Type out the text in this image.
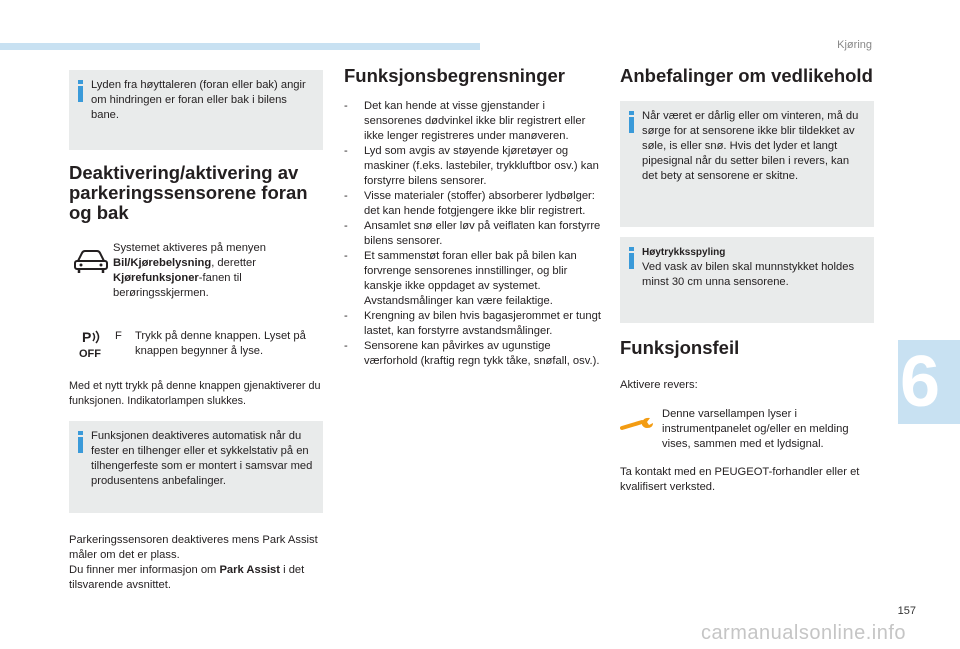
Kjøring
6
Lyden fra høyttaleren (foran eller bak) angir om hindringen er foran eller bak i bilens bane.
Deaktivering/aktivering av parkeringssensorene foran og bak
Systemet aktiveres på menyen Bil/Kjørebelysning, deretter Kjørefunksjoner-fanen til berøringsskjermen.
P
OFF
F Trykk på denne knappen. Lyset på knappen begynner å lyse.
Med et nytt trykk på denne knappen gjenaktiverer du funksjonen. Indikatorlampen slukkes.
Funksjonen deaktiveres automatisk når du fester en tilhenger eller et sykkelstativ på en tilhengerfeste som er montert i samsvar med produsentens anbefalinger.
Parkeringssensoren deaktiveres mens Park Assist måler om det er plass.
Du finner mer informasjon om Park Assist i det tilsvarende avsnittet.
Funksjonsbegrensninger
- Det kan hende at visse gjenstander i sensorenes dødvinkel ikke blir registrert eller ikke lenger registreres under manøveren.
- Lyd som avgis av støyende kjøretøyer og maskiner (f.eks. lastebiler, trykkluftbor osv.) kan forstyrre bilens sensorer.
- Visse materialer (stoffer) absorberer lydbølger: det kan hende fotgjengere ikke blir registrert.
- Ansamlet snø eller løv på veiflaten kan forstyrre bilens sensorer.
- Et sammenstøt foran eller bak på bilen kan forvrenge sensorenes innstillinger, og blir kanskje ikke oppdaget av systemet. Avstandsmålinger kan være feilaktige.
- Krengning av bilen hvis bagasjerommet er tungt lastet, kan forstyrre avstandsmålinger.
- Sensorene kan påvirkes av ugunstige værforhold (kraftig regn tykk tåke, snøfall, osv.).
Anbefalinger om vedlikehold
Når været er dårlig eller om vinteren, må du sørge for at sensorene ikke blir tildekket av søle, is eller snø. Hvis det lyder et langt pipesignal når du setter bilen i revers, kan det bety at sensorene er skitne.
Høytrykksspyling
Ved vask av bilen skal munnstykket holdes minst 30 cm unna sensorene.
Funksjonsfeil
Aktivere revers:
Denne varsellampen lyser i instrumentpanelet og/eller en melding vises, sammen med et lydsignal.
Ta kontakt med en PEUGEOT-forhandler eller et kvalifisert verksted.
157
carmanualsonline.info
